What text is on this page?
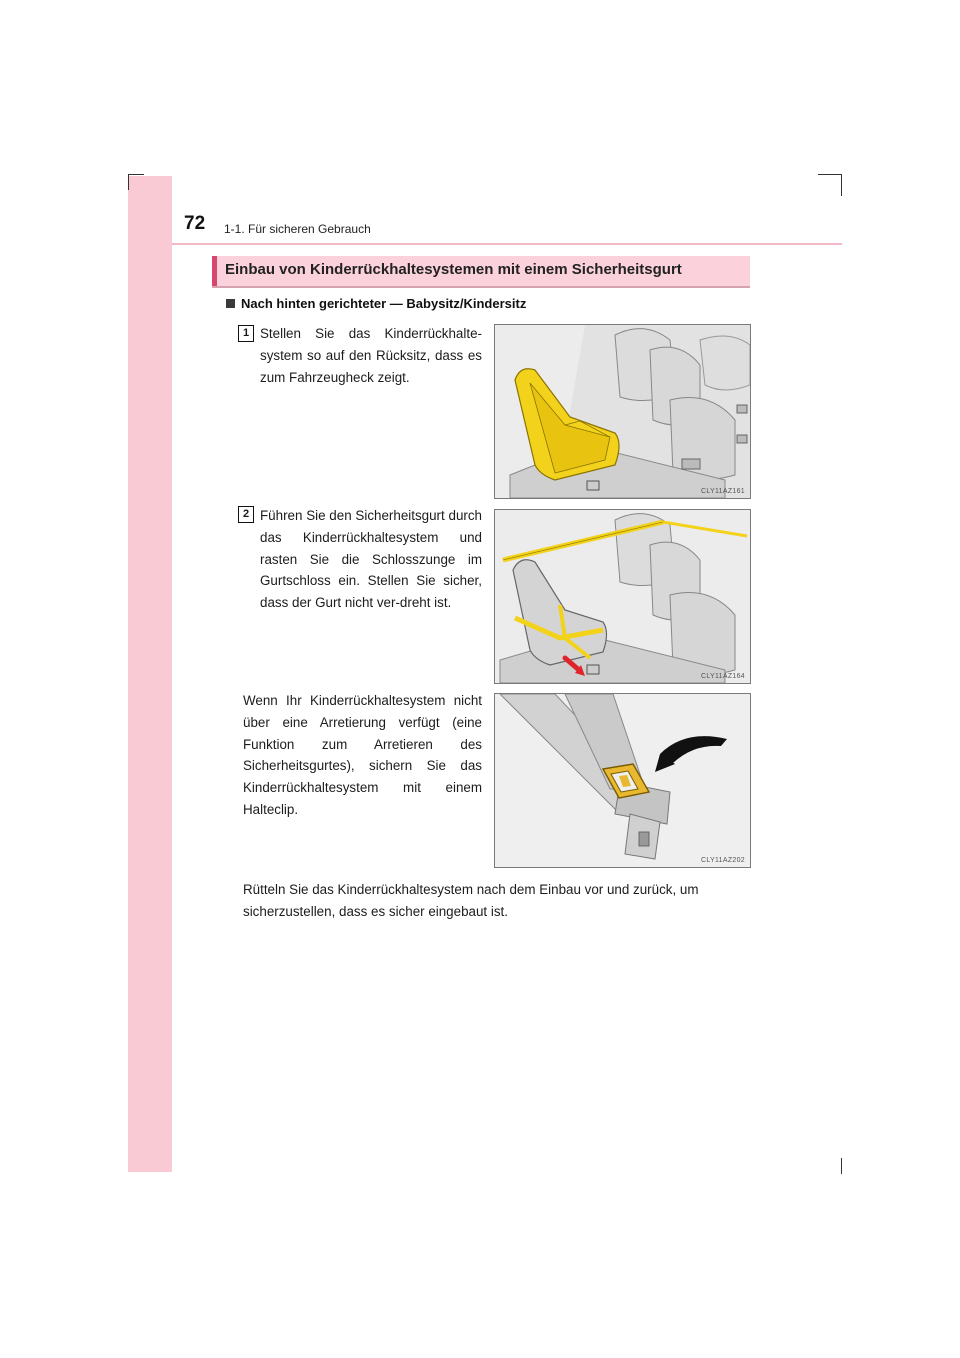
72 1-1. Für sicheren Gebrauch
Einbau von Kinderrückhaltesystemen mit einem Sicherheitsgurt
Nach hinten gerichteter — Babysitz/Kindersitz
1 Stellen Sie das Kinderrückhalte-system so auf den Rücksitz, dass es zum Fahrzeugheck zeigt.

CLY11AZ161
2 Führen Sie den Sicherheitsgurt durch das Kinderrückhaltesystem und rasten Sie die Schlosszunge im Gurtschloss ein. Stellen Sie sicher, dass der Gurt nicht ver-dreht ist.

CLY11AZ164

Wenn Ihr Kinderrückhaltesystem nicht über eine Arretierung verfügt (eine Funktion zum Arretieren des Sicherheitsgurtes), sichern Sie das Kinderrückhaltesystem mit einem Halteclip.

CLY11AZ202

Rütteln Sie das Kinderrückhaltesystem nach dem Einbau vor und zurück, um sicherzustellen, dass es sicher eingebaut ist.
